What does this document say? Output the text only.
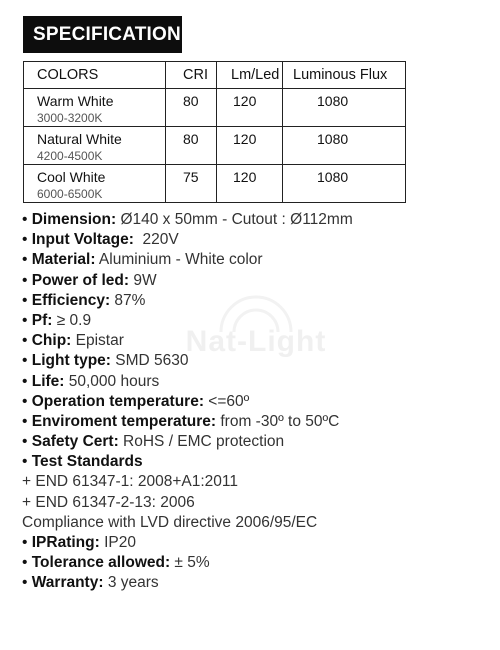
SPECIFICATION
COLORS	CRI	Lm/Led	Luminous Flux

Warm White
3000-3200K	80	120	1080

Natural White
4200-4500K	80	120	1080

Cool White
6000-6500K	75	120	1080
Nat-Light
• Dimension: Ø140 x 50mm - Cutout : Ø112mm
• Input Voltage:  220V
• Material: Aluminium - White color
• Power of led: 9W
• Efficiency: 87%
• Pf: ≥ 0.9
• Chip: Epistar
• Light type: SMD 5630
• Life: 50,000 hours
• Operation temperature: <=60º
• Enviroment temperature: from -30º to 50ºC
• Safety Cert: RoHS / EMC protection
• Test Standards
+ END 61347-1: 2008+A1:2011
+ END 61347-2-13: 2006
Compliance with LVD directive 2006/95/EC
• IPRating: IP20
• Tolerance allowed: ± 5%
• Warranty: 3 years
